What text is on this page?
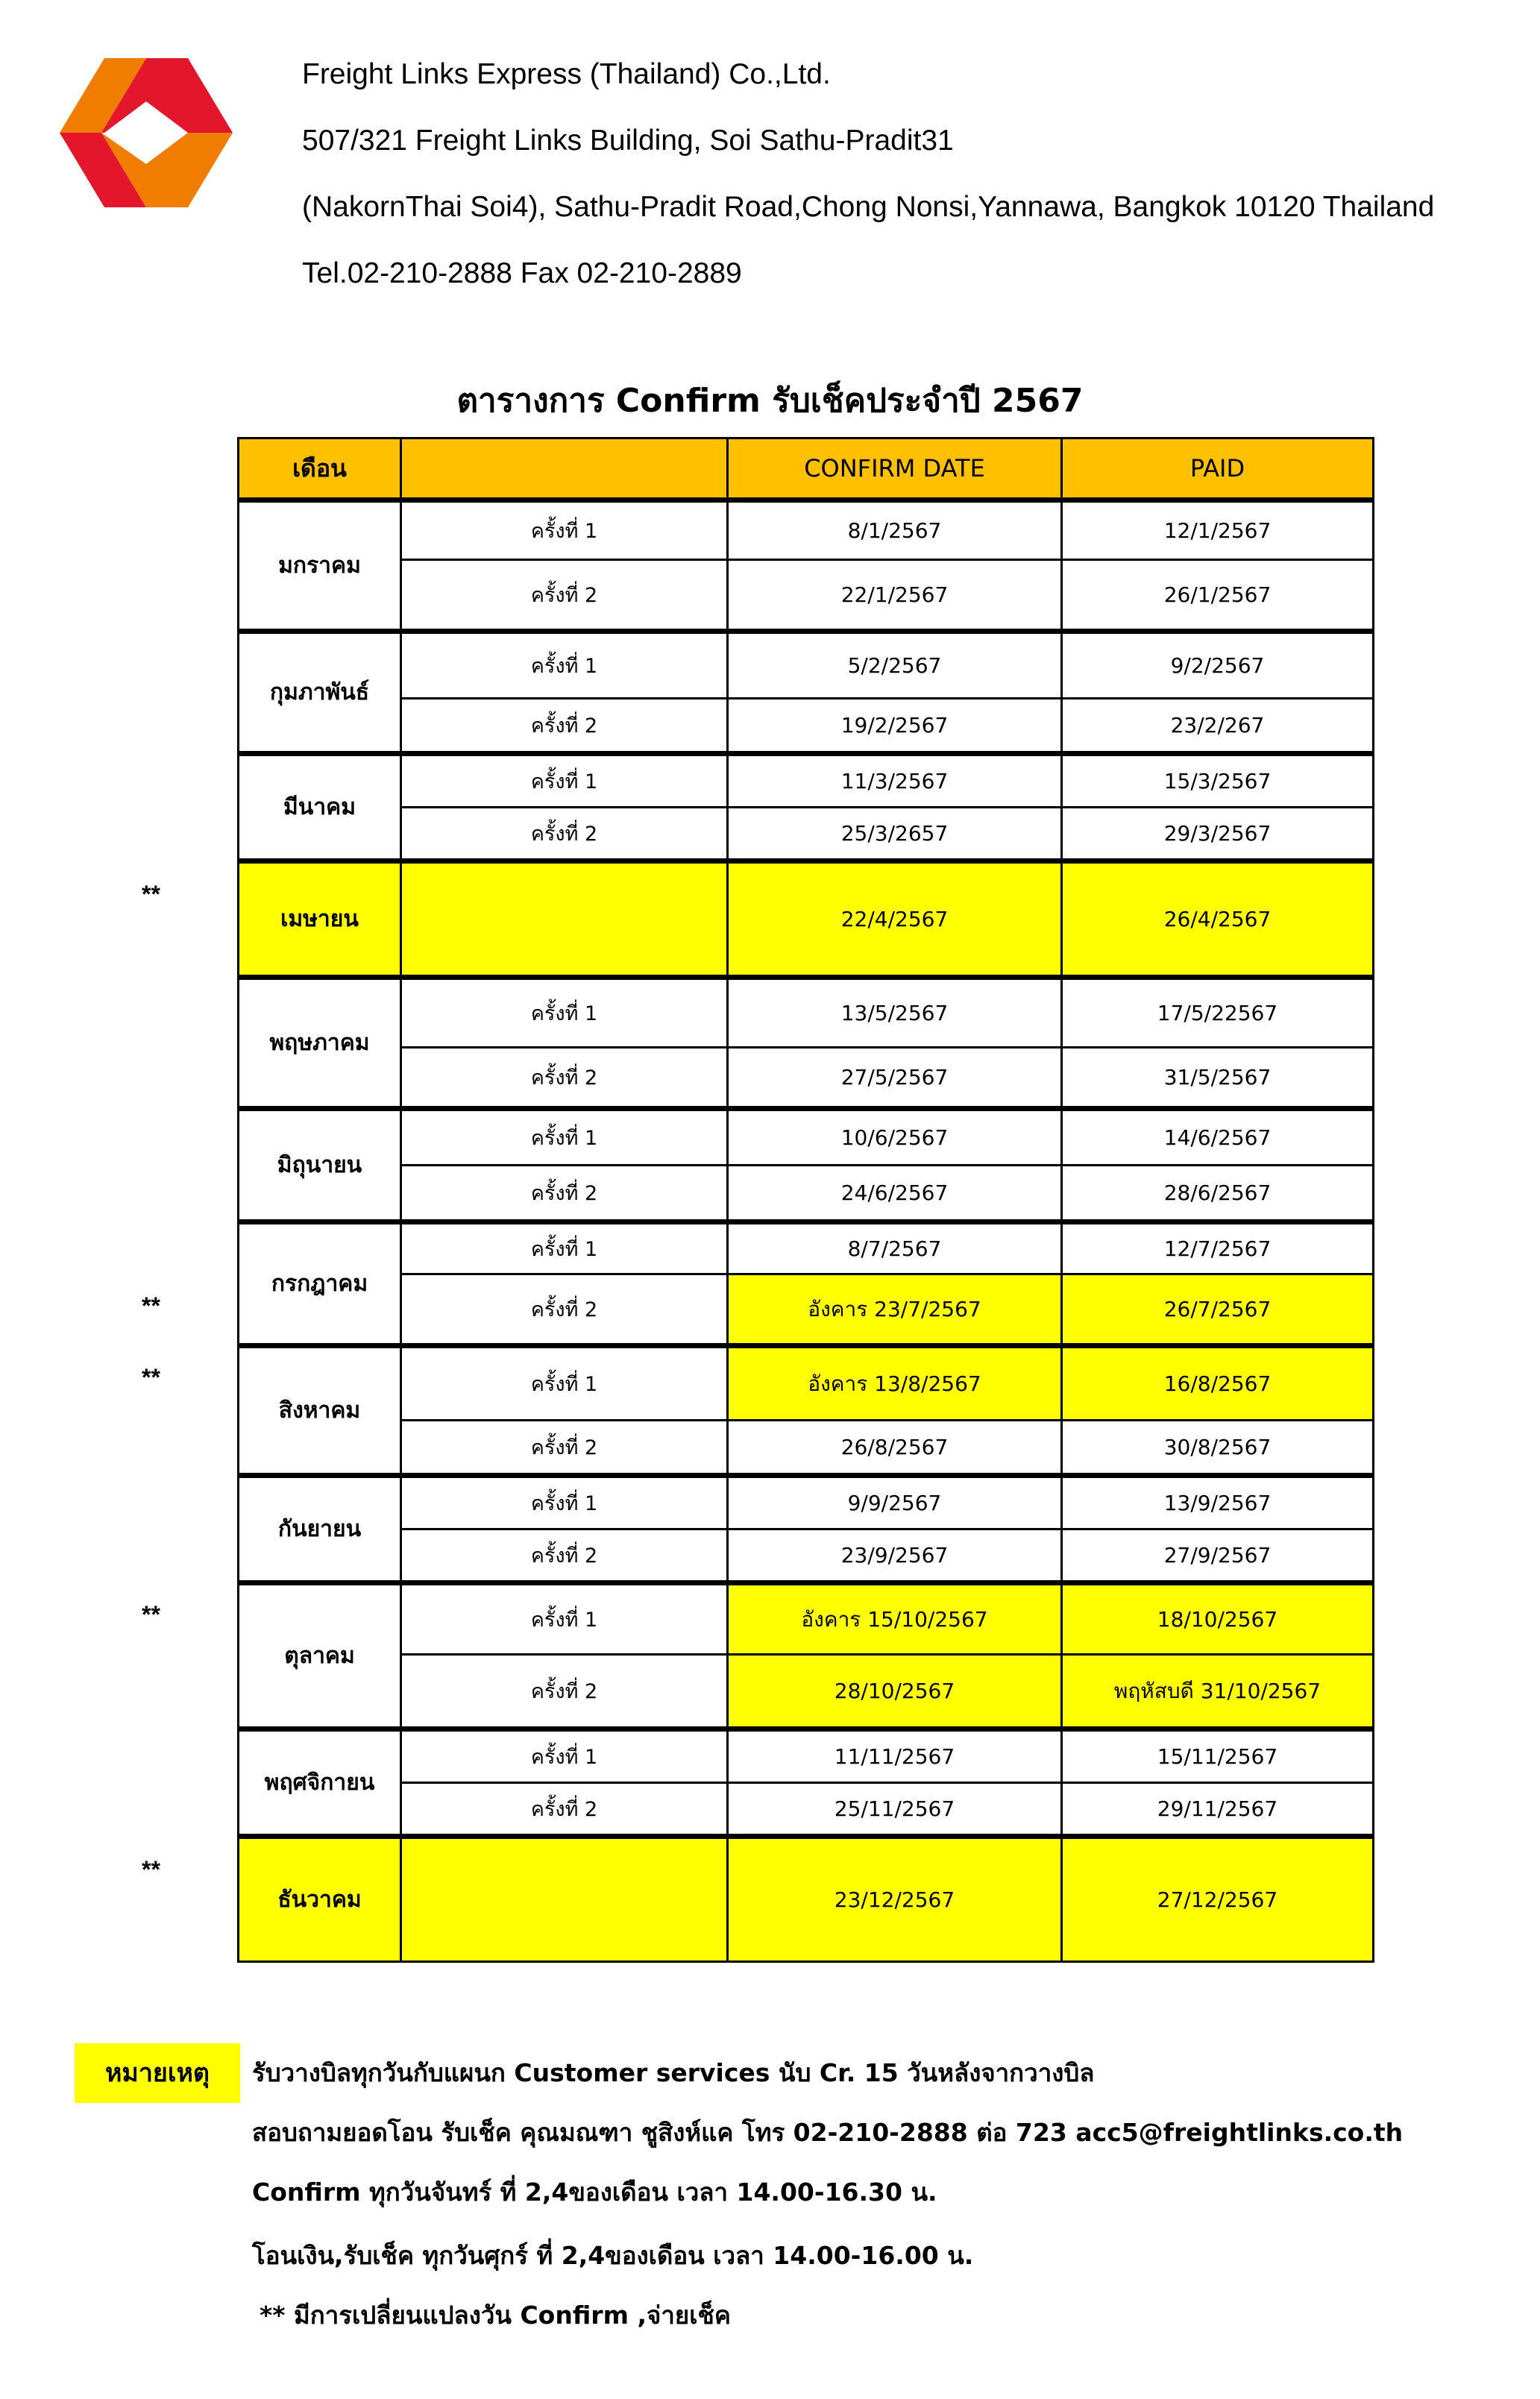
Freight Links Express (Thailand) Co.,Ltd.
507/321 Freight Links Building, Soi Sathu-Pradit31
(NakornThai Soi4), Sathu-Pradit Road,Chong Nonsi,Yannawa, Bangkok 10120 Thailand
Tel.02-210-2888 Fax 02-210-2889
ตารางการ Confirm รับเช็คประจำปี 2567
เดือน		CONFIRM DATE	PAID
มกราคม	ครั้งที่ 1	8/1/2567	12/1/2567
	ครั้งที่ 2	22/1/2567	26/1/2567
กุมภาพันธ์	ครั้งที่ 1	5/2/2567	9/2/2567
	ครั้งที่ 2	19/2/2567	23/2/267
มีนาคม	ครั้งที่ 1	11/3/2567	15/3/2567
	ครั้งที่ 2	25/3/2657	29/3/2567
เมษายน		22/4/2567	26/4/2567
พฤษภาคม	ครั้งที่ 1	13/5/2567	17/5/22567
	ครั้งที่ 2	27/5/2567	31/5/2567
มิถุนายน	ครั้งที่ 1	10/6/2567	14/6/2567
	ครั้งที่ 2	24/6/2567	28/6/2567
กรกฎาคม	ครั้งที่ 1	8/7/2567	12/7/2567
	ครั้งที่ 2	อังคาร 23/7/2567	26/7/2567
สิงหาคม	ครั้งที่ 1	อังคาร 13/8/2567	16/8/2567
	ครั้งที่ 2	26/8/2567	30/8/2567
กันยายน	ครั้งที่ 1	9/9/2567	13/9/2567
	ครั้งที่ 2	23/9/2567	27/9/2567
ตุลาคม	ครั้งที่ 1	อังคาร 15/10/2567	18/10/2567
	ครั้งที่ 2	28/10/2567	พฤหัสบดี 31/10/2567
พฤศจิกายน	ครั้งที่ 1	11/11/2567	15/11/2567
	ครั้งที่ 2	25/11/2567	29/11/2567
ธันวาคม		23/12/2567	27/12/2567
**
**
**
**
**
หมายเหตุ	รับวางบิลทุกวันกับแผนก Customer services นับ Cr. 15 วันหลังจากวางบิล
สอบถามยอดโอน รับเช็ค คุณมณฑา ชูสิงห์แค โทร 02-210-2888 ต่อ 723 acc5@freightlinks.co.th
Confirm ทุกวันจันทร์ ที่ 2,4ของเดือน เวลา 14.00-16.30 น.
โอนเงิน,รับเช็ค ทุกวันศุกร์ ที่ 2,4ของเดือน เวลา 14.00-16.00 น.
** มีการเปลี่ยนแปลงวัน Confirm ,จ่ายเช็ค
